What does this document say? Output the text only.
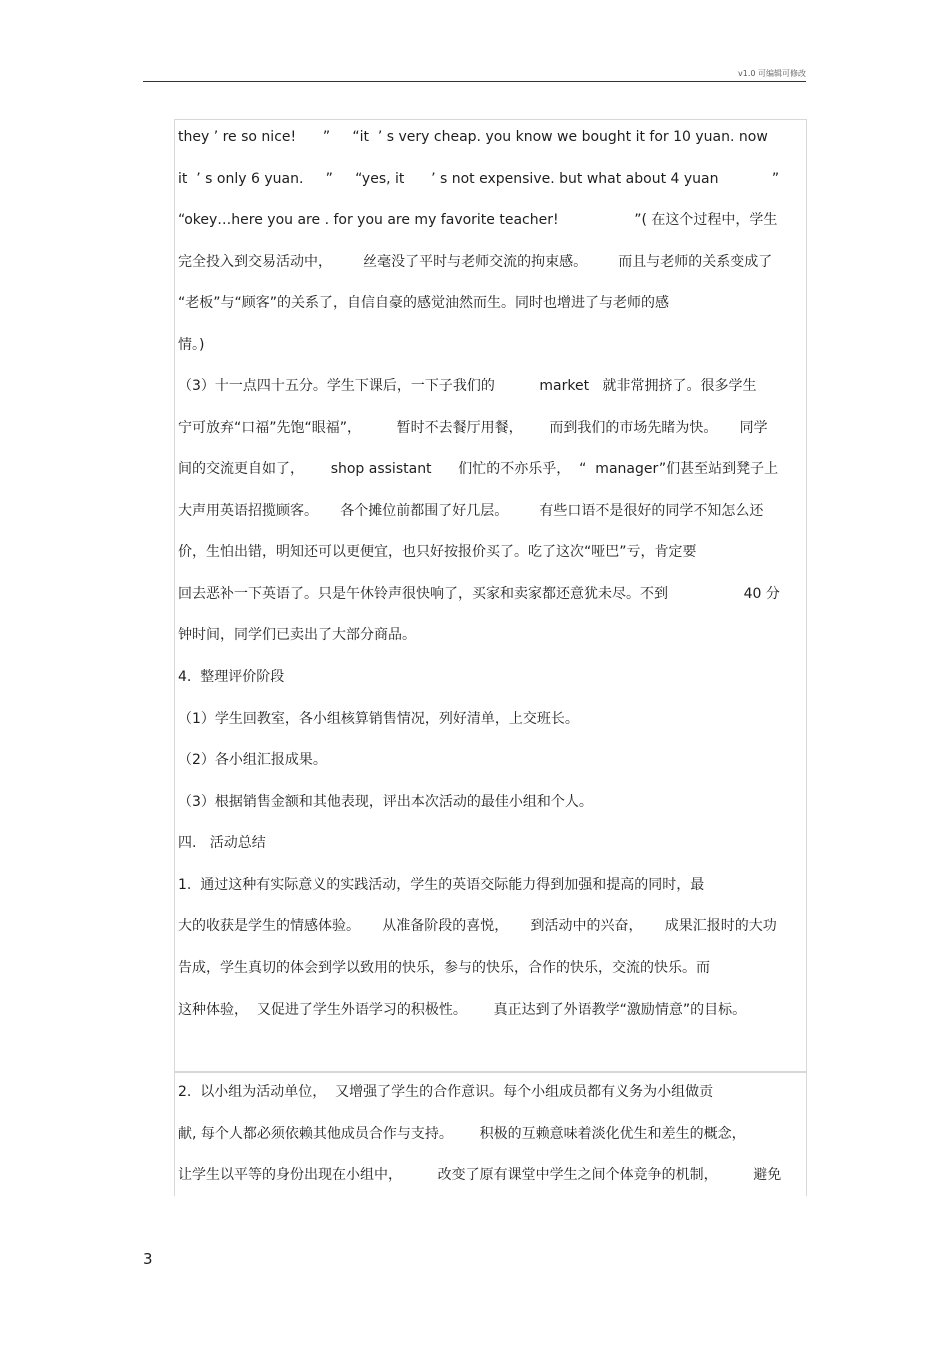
v1.0 可编辑可修改
they ’ re so nice!      ”     “it  ’ s very cheap. you know we bought it for 10 yuan. now
it  ’ s only 6 yuan.     ”     “yes, it      ’ s not expensive. but what about 4 yuan            ”
“okey…here you are . for you are my favorite teacher!                 ”( 在这个过程中，学生
完全投入到交易活动中，       丝毫没了平时与老师交流的拘束感。       而且与老师的关系变成了
“老板”与“顾客”的关系了，自信自豪的感觉油然而生。同时也增进了与老师的感
情。)
（3）十一点四十五分。学生下课后，一下子我们的          market   就非常拥挤了。很多学生
宁可放弃“口福”先饱“眼福”，        暂时不去餐厅用餐，      而到我们的市场先睹为快。     同学
间的交流更自如了，      shop assistant      们忙的不亦乐乎，  “  manager”们甚至站到凳子上
大声用英语招揽顾客。     各个摊位前都围了好几层。       有些口语不是很好的同学不知怎么还
价，生怕出错，明知还可以更便宜，也只好按报价买了。吃了这次“哑巴”亏，肯定要
回去恶补一下英语了。只是午休铃声很快响了，买家和卖家都还意犹未尽。不到                 40 分
钟时间，同学们已卖出了大部分商品。
4.  整理评价阶段
（1）学生回教室，各小组核算销售情况，列好清单，上交班长。
（2）各小组汇报成果。
（3）根据销售金额和其他表现，评出本次活动的最佳小组和个人。
四.   活动总结
1.  通过这种有实际意义的实践活动，学生的英语交际能力得到加强和提高的同时，最
大的收获是学生的情感体验。     从准备阶段的喜悦，     到活动中的兴奋，     成果汇报时的大功
告成，学生真切的体会到学以致用的快乐，参与的快乐，合作的快乐，交流的快乐。而
这种体验，  又促进了学生外语学习的积极性。      真正达到了外语教学“激励情意”的目标。
2.  以小组为活动单位，  又增强了学生的合作意识。每个小组成员都有义务为小组做贡
献, 每个人都必须依赖其他成员合作与支持。      积极的互赖意味着淡化优生和差生的概念，
让学生以平等的身份出现在小组中，        改变了原有课堂中学生之间个体竞争的机制，        避免
3
